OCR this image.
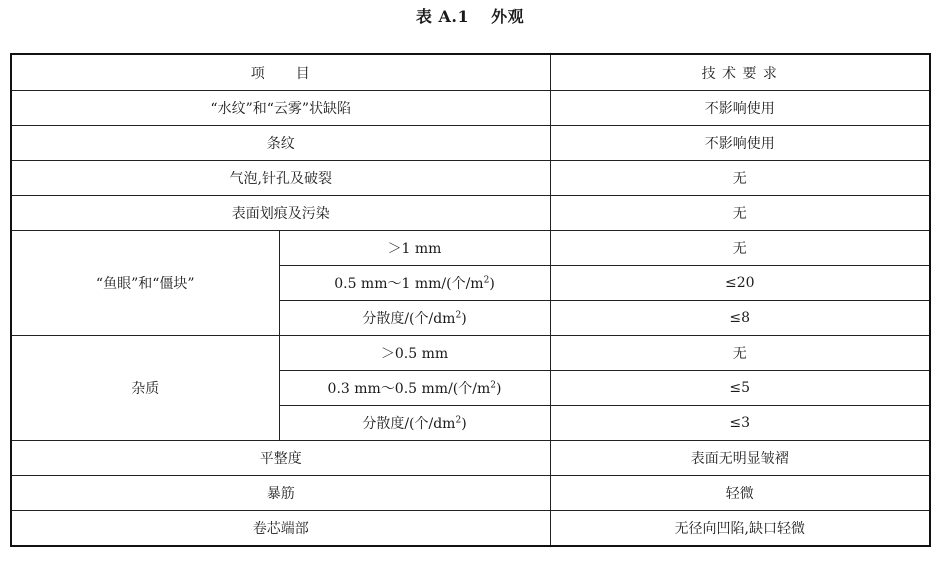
表 A.1 外观
项　　目		技 术 要 求
“水纹”和“云雾”状缺陷		不影响使用
条纹		不影响使用
气泡,针孔及破裂		无
表面划痕及污染		无
“鱼眼”和“僵块”	＞1 mm	无
	0.5 mm～1 mm/(个$/m^2$)	≤20
	分散度/(个$/dm^2$)	≤8
杂质	＞0.5 mm	无
	0.3 mm～0.5 mm/(个$/m^2$)	≤5
	分散度/(个$/dm^2$)	≤3
平整度		表面无明显皱褶
暴筋		轻微
卷芯端部		无径向凹陷,缺口轻微
